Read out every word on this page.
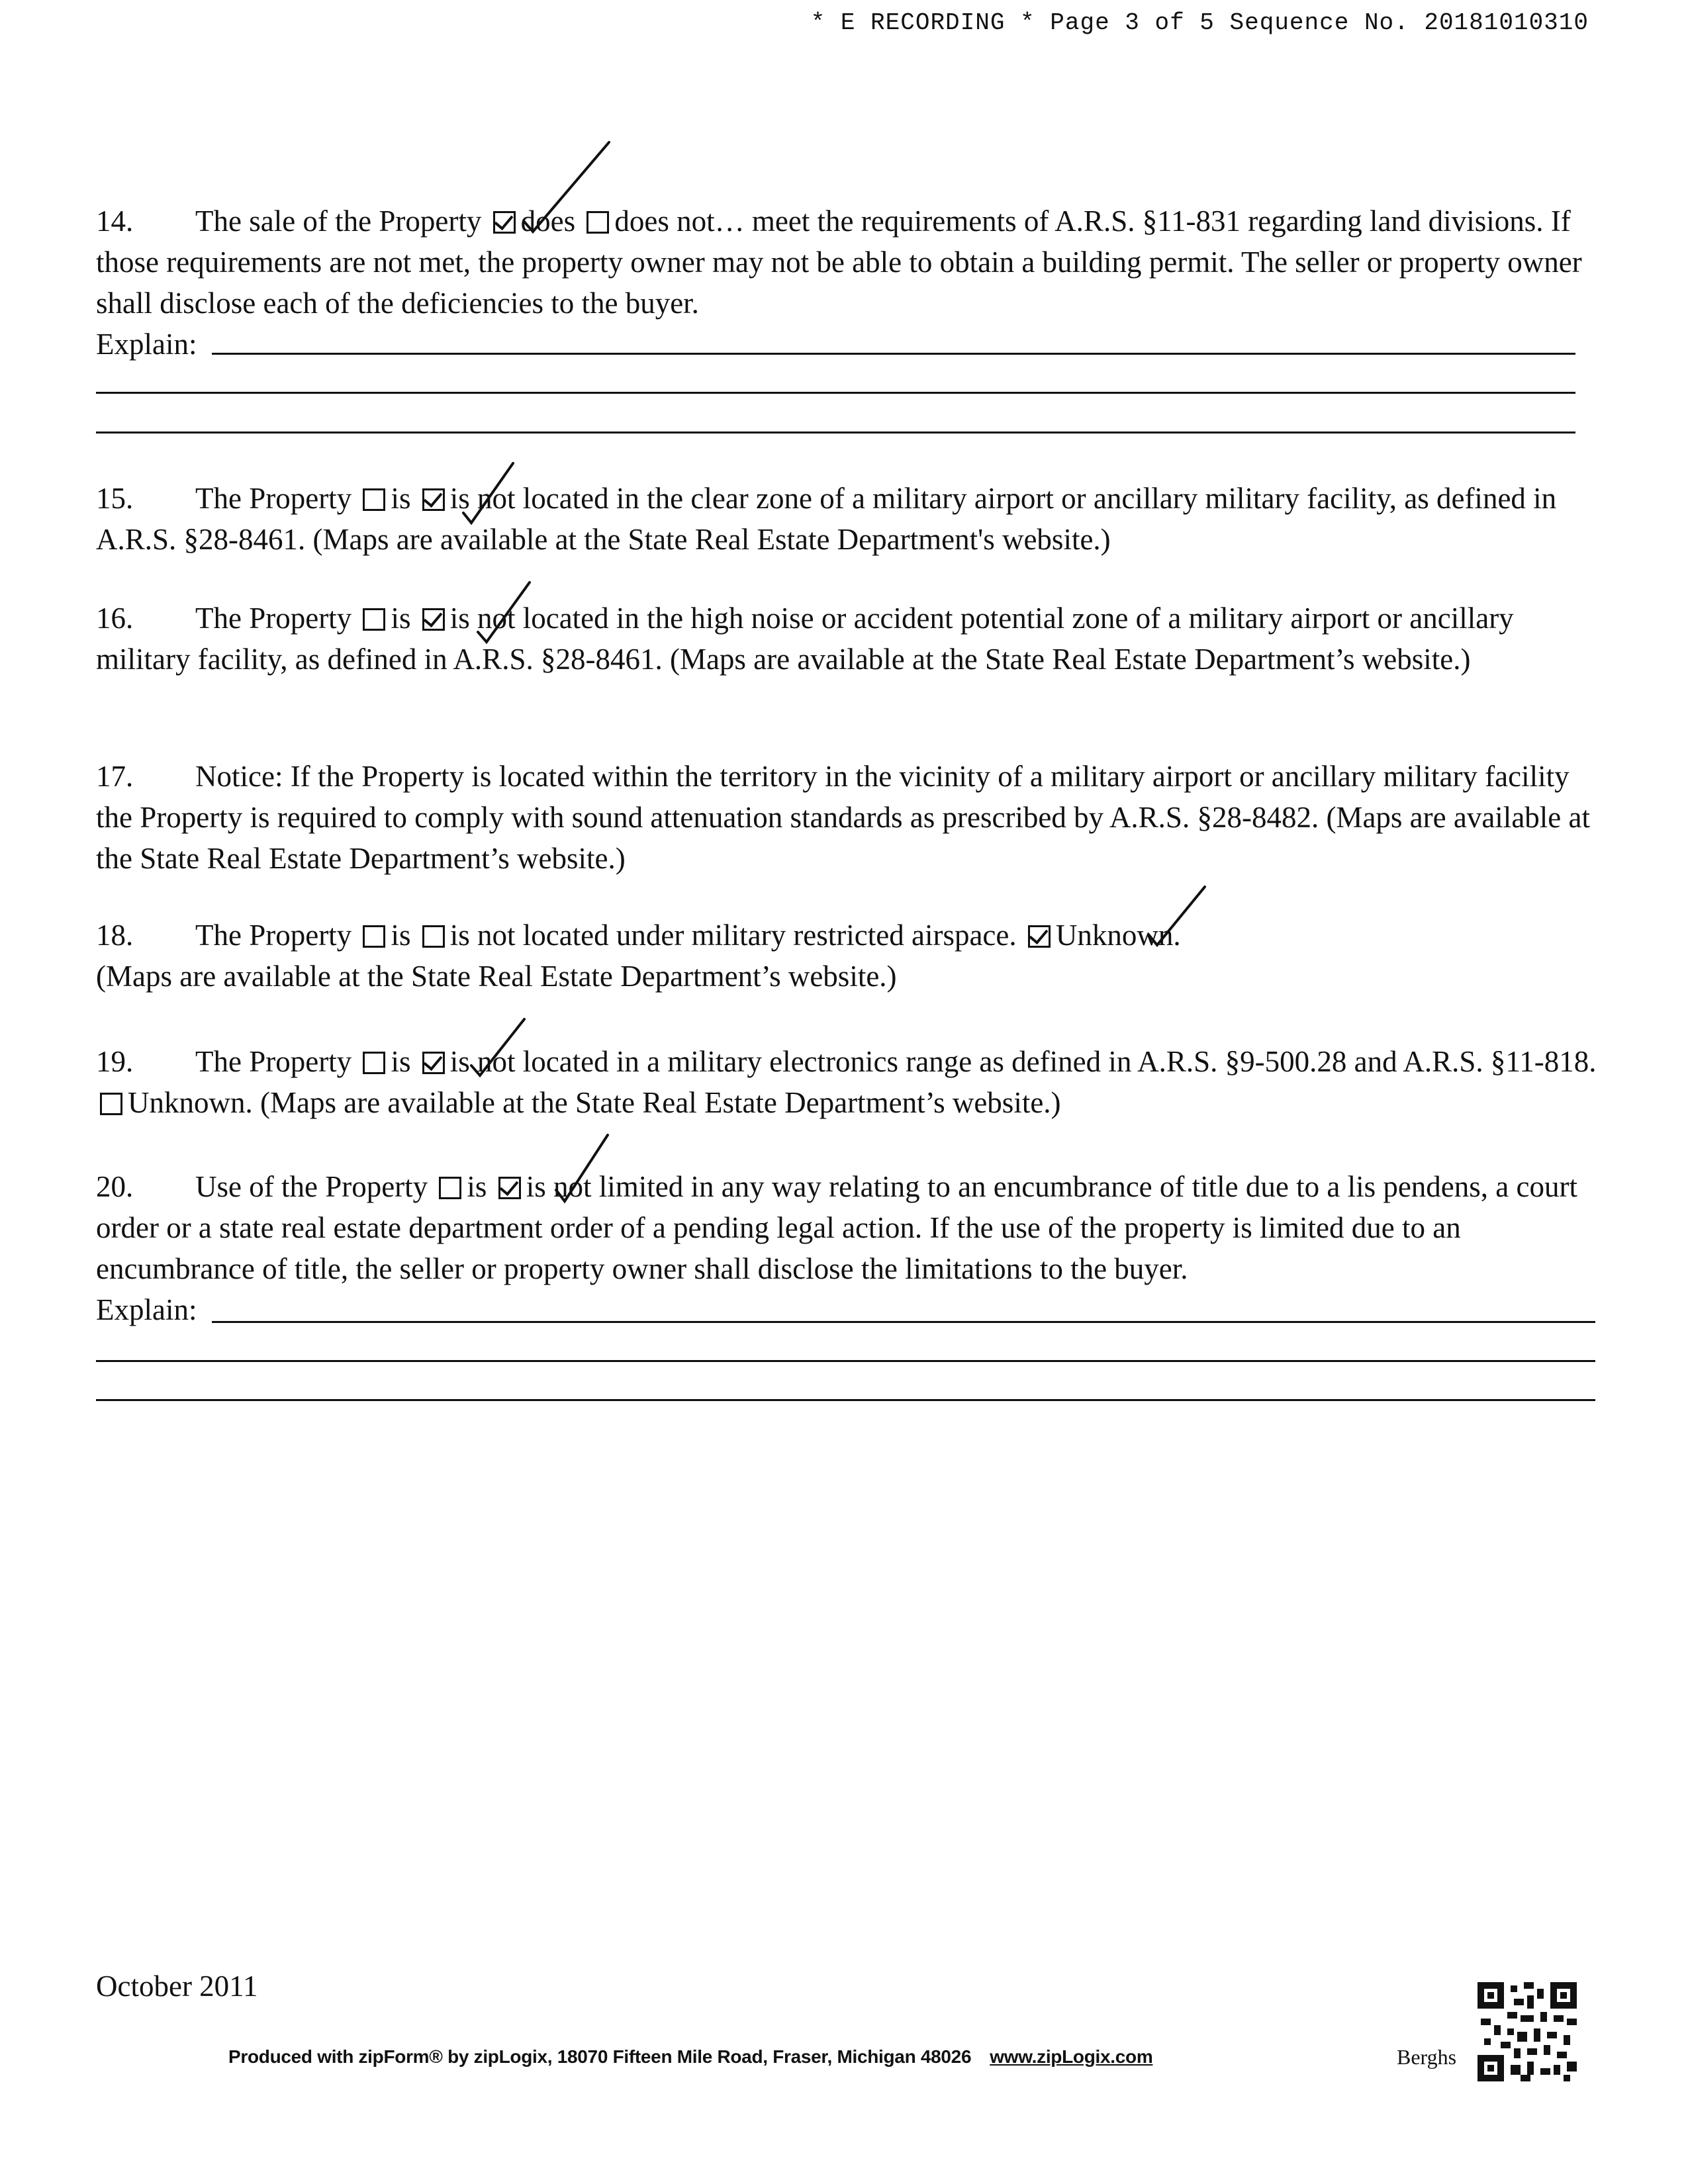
* E RECORDING * Page 3 of 5 Sequence No. 20181010310
14. The sale of the Property does does not… meet the requirements of A.R.S. §11-831 regarding land divisions. If those requirements are not met, the property owner may not be able to obtain a building permit. The seller or property owner shall disclose each of the deficiencies to the buyer.
Explain:
15. The Property is is not located in the clear zone of a military airport or ancillary military facility, as defined in A.R.S. §28-8461. (Maps are available at the State Real Estate Department's website.)
16. The Property is is not located in the high noise or accident potential zone of a military airport or ancillary military facility, as defined in A.R.S. §28-8461. (Maps are available at the State Real Estate Department’s website.)
17. Notice: If the Property is located within the territory in the vicinity of a military airport or ancillary military facility the Property is required to comply with sound attenuation standards as prescribed by A.R.S. §28-8482. (Maps are available at the State Real Estate Department’s website.)
18. The Property is is not located under military restricted airspace. Unknown.
(Maps are available at the State Real Estate Department’s website.)
19. The Property is is not located in a military electronics range as defined in A.R.S. §9-500.28 and A.R.S. §11-818. Unknown. (Maps are available at the State Real Estate Department’s website.)
20. Use of the Property is is not limited in any way relating to an encumbrance of title due to a lis pendens, a court order or a state real estate department order of a pending legal action. If the use of the property is limited due to an encumbrance of title, the seller or property owner shall disclose the limitations to the buyer.
Explain:
October 2011
Produced with zipForm® by zipLogix, 18070 Fifteen Mile Road, Fraser, Michigan 48026 www.zipLogix.com	Berghs
